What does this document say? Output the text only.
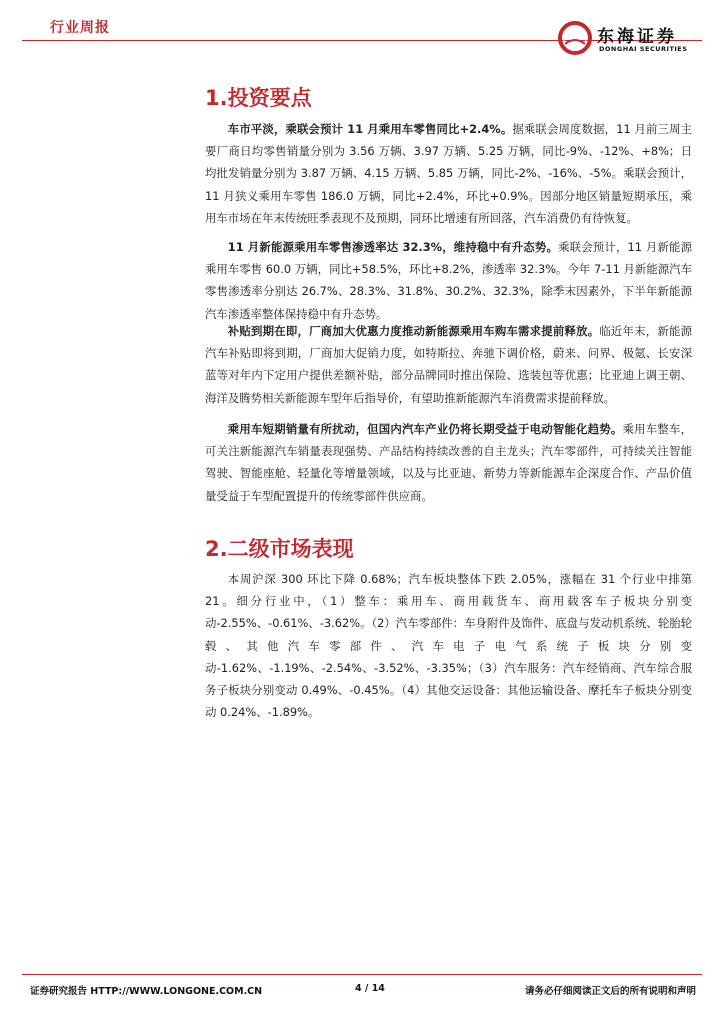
行业周报	东海证券
DONGHAI SECURITIES
1.投资要点

车市平淡，乘联会预计 11 月乘用车零售同比+2.4%。据乘联会周度数据，11 月前三周主要厂商日均零售销量分别为 3.56 万辆、3.97 万辆、5.25 万辆，同比-9%、-12%、+8%；日均批发销量分别为 3.87 万辆、4.15 万辆、5.85 万辆，同比-2%、-16%、-5%。乘联会预计，11 月狭义乘用车零售 186.0 万辆，同比+2.4%，环比+0.9%。因部分地区销量短期承压，乘用车市场在年末传统旺季表现不及预期，同环比增速有所回落，汽车消费仍有待恢复。

11 月新能源乘用车零售渗透率达 32.3%，维持稳中有升态势。乘联会预计，11 月新能源乘用车零售 60.0 万辆，同比+58.5%，环比+8.2%，渗透率 32.3%。今年 7-11 月新能源汽车零售渗透率分别达 26.7%、28.3%、31.8%、30.2%、32.3%，除季末因素外，下半年新能源汽车渗透率整体保持稳中有升态势。

补贴到期在即，厂商加大优惠力度推动新能源乘用车购车需求提前释放。临近年末，新能源汽车补贴即将到期，厂商加大促销力度，如特斯拉、奔驰下调价格，蔚来、问界、极氪、长安深蓝等对年内下定用户提供差额补贴，部分品牌同时推出保险、选装包等优惠；比亚迪上调王朝、海洋及腾势相关新能源车型年后指导价，有望助推新能源汽车消费需求提前释放。

乘用车短期销量有所扰动，但国内汽车产业仍将长期受益于电动智能化趋势。乘用车整车，可关注新能源汽车销量表现强势、产品结构持续改善的自主龙头；汽车零部件，可持续关注智能驾驶、智能座舱、轻量化等增量领域，以及与比亚迪、新势力等新能源车企深度合作、产品价值量受益于车型配置提升的传统零部件供应商。

2.二级市场表现

本周沪深 300 环比下降 0.68%；汽车板块整体下跌 2.05%，涨幅在 31 个行业中排第 21。细分行业中，（1）整车：乘用车、商用载货车、商用载客车子板块分别变动-2.55%、-0.61%、-3.62%。（2）汽车零部件：车身附件及饰件、底盘与发动机系统、轮胎轮毂、其他汽车零部件、汽车电子电气系统子板块分别变动-1.62%、-1.19%、-2.54%、-3.52%、-3.35%；（3）汽车服务：汽车经销商、汽车综合服务子板块分别变动 0.49%、-0.45%。（4）其他交运设备：其他运输设备、摩托车子板块分别变动 0.24%、-1.89%。

证券研究报告 HTTP://WWW.LONGONE.COM.CN	4 / 14	请务必仔细阅读正文后的所有说明和声明
